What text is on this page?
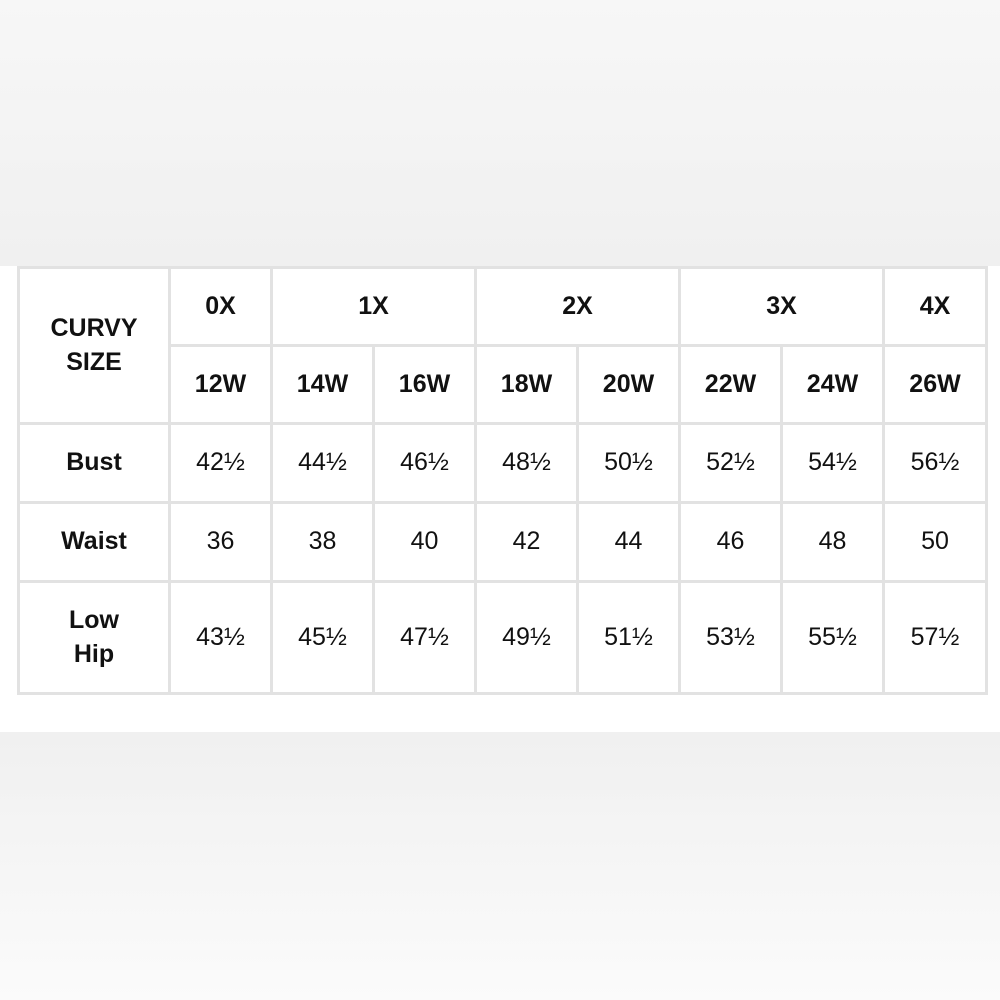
CURVY
SIZE	0X	1X		2X		3X		4X
	12W	14W	16W	18W	20W	22W	24W	26W

Bust	42½	44½	46½	48½	50½	52½	54½	56½

Waist	36	38	40	42	44	46	48	50

Low
Hip	43½	45½	47½	49½	51½	53½	55½	57½
